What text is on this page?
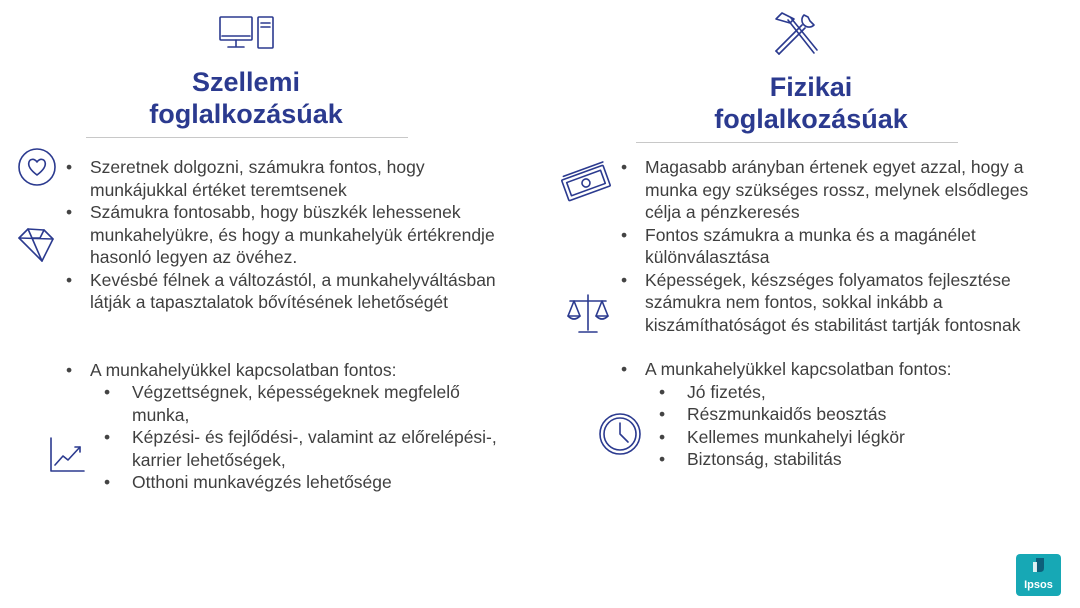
Szellemi
foglalkozásúak
• Szeretnek dolgozni, számukra fontos, hogy munkájukkal értéket teremtsenek
• Számukra fontosabb, hogy büszkék lehessenek munkahelyükre, és hogy a munkahelyük értékrendje hasonló legyen az övéhez.
• Kevésbé félnek a változástól, a munkahelyváltásban látják a tapasztalatok bővítésének lehetőségét
• A munkahelyükkel kapcsolatban fontos:
• Végzettségnek, képességeknek megfelelő munka,
• Képzési- és fejlődési-, valamint az előrelépési-, karrier lehetőségek,
• Otthoni munkavégzés lehetősége
Fizikai
foglalkozásúak
• Magasabb arányban értenek egyet azzal, hogy a munka egy szükséges rossz, melynek elsődleges célja a pénzkeresés
• Fontos számukra a munka és a magánélet különválasztása
• Képességek, készséges folyamatos fejlesztése számukra nem fontos, sokkal inkább a kiszámíthatóságot és stabilitást tartják fontosnak
• A munkahelyükkel kapcsolatban fontos:
• Jó fizetés,
• Részmunkaidős beosztás
• Kellemes munkahelyi légkör
• Biztonság, stabilitás
Ipsos
